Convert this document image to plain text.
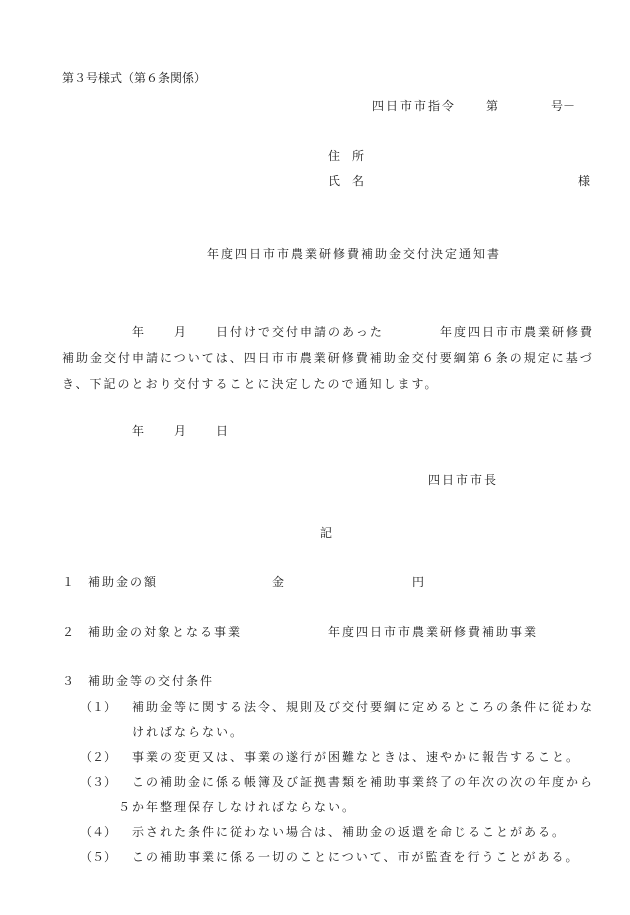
第３号様式（第６条関係）
四日市市指令 第	号－
住　所
氏　名	様
年度四日市市農業研修費補助金交付決定通知書
年 月 日付けで交付申請のあった	年度四日市市農業研修費
補助金交付申請については、四日市市農業研修費補助金交付要綱第６条の規定に基づ
き、下記のとおり交付することに決定したので通知します。
年 月 日
四日市市長
記
１ 補助金の額	金	円
２ 補助金の対象となる事業	年度四日市市農業研修費補助事業
３ 補助金等の交付条件
（１） 補助金等に関する法令、規則及び交付要綱に定めるところの条件に従わな
ければならない。
（２） 事業の変更又は、事業の遂行が困難なときは、速やかに報告すること。
（３） この補助金に係る帳簿及び証拠書類を補助事業終了の年次の次の年度から
５か年整理保存しなければならない。
（４） 示された条件に従わない場合は、補助金の返還を命じることがある。
（５） この補助事業に係る一切のことについて、市が監査を行うことがある。
